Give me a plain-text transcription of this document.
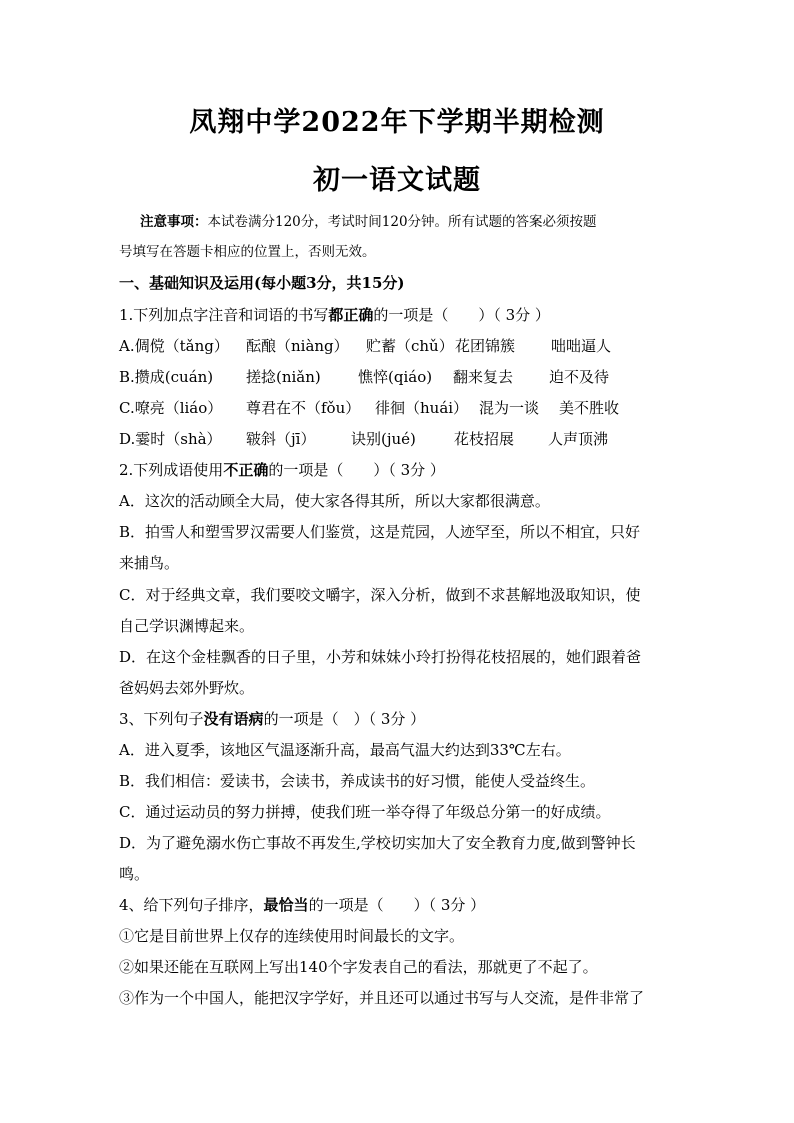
凤翔中学2022年下学期半期检测
初一语文试题
注意事项：本试卷满分120分，考试时间120分钟。所有试题的答案必须按题
号填写在答题卡相应的位置上，否则无效。
一、基础知识及运用(每小题3分，共15分)
1.下列加点字注音和词语的书写都正确的一项是（　　）（ 3分 ）
A.倜傥（tǎng） 酝酿（niàng） 贮蓄（chǔ） 花团锦簇 咄咄逼人
B.攒成(cuán) 搓捻(niǎn) 憔悴(qiáo) 翻来复去 迫不及待
C.嘹亮（liáo） 尊君在不（fǒu） 徘徊（huái） 混为一谈 美不胜收
D.霎时（shà） 皲斜（jī） 诀别(jué)	花枝招展 人声顶沸
2.下列成语使用不正确的一项是（　　）（ 3分 ）
A．这次的活动顾全大局，使大家各得其所，所以大家都很满意。
B．拍雪人和塑雪罗汉需要人们鉴赏，这是荒园，人迹罕至，所以不相宜，只好
来捕鸟。
C．对于经典文章，我们要咬文嚼字，深入分析，做到不求甚解地汲取知识，使
自己学识渊博起来。
D．在这个金桂飘香的日子里，小芳和妹妹小玲打扮得花枝招展的，她们跟着爸
爸妈妈去郊外野炊。
3、下列句子没有语病的一项是（　）（ 3分 ）
A．进入夏季，该地区气温逐渐升高，最高气温大约达到33℃左右。
B．我们相信：爱读书，会读书，养成读书的好习惯，能使人受益终生。
C．通过运动员的努力拼搏，使我们班一举夺得了年级总分第一的好成绩。
D．为了避免溺水伤亡事故不再发生,学校切实加大了安全教育力度,做到警钟长
鸣。
4、给下列句子排序，最恰当的一项是（　　）（ 3分 ）
①它是目前世界上仅存的连续使用时间最长的文字。
②如果还能在互联网上写出140个字发表自己的看法，那就更了不起了。
③作为一个中国人，能把汉字学好，并且还可以通过书写与人交流，是件非常了
